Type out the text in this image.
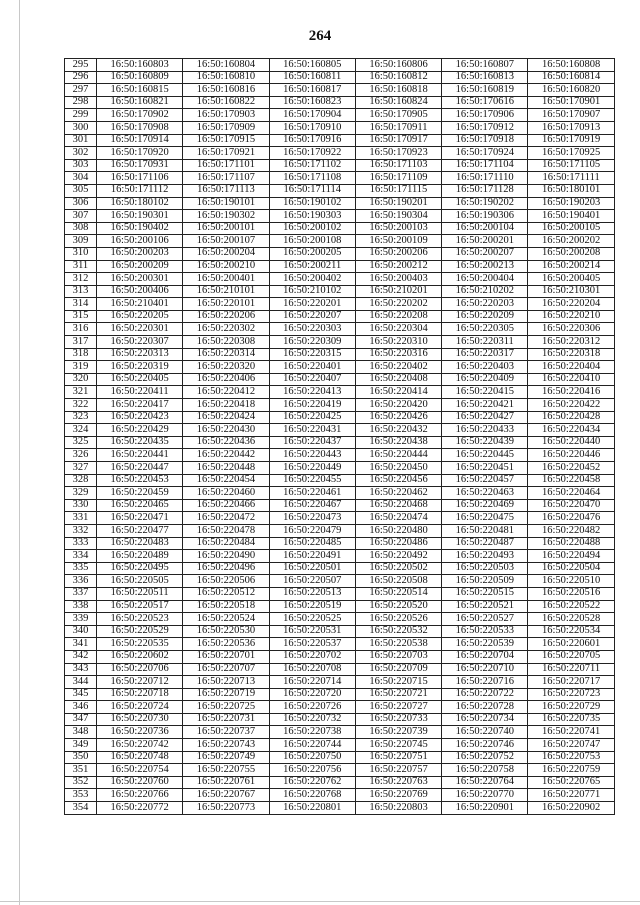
264
295	16:50:160803	16:50:160804	16:50:160805	16:50:160806	16:50:160807	16:50:160808
296	16:50:160809	16:50:160810	16:50:160811	16:50:160812	16:50:160813	16:50:160814
297	16:50:160815	16:50:160816	16:50:160817	16:50:160818	16:50:160819	16:50:160820
298	16:50:160821	16:50:160822	16:50:160823	16:50:160824	16:50:170616	16:50:170901
299	16:50:170902	16:50:170903	16:50:170904	16:50:170905	16:50:170906	16:50:170907
300	16:50:170908	16:50:170909	16:50:170910	16:50:170911	16:50:170912	16:50:170913
301	16:50:170914	16:50:170915	16:50:170916	16:50:170917	16:50:170918	16:50:170919
302	16:50:170920	16:50:170921	16:50:170922	16:50:170923	16:50:170924	16:50:170925
303	16:50:170931	16:50:171101	16:50:171102	16:50:171103	16:50:171104	16:50:171105
304	16:50:171106	16:50:171107	16:50:171108	16:50:171109	16:50:171110	16:50:171111
305	16:50:171112	16:50:171113	16:50:171114	16:50:171115	16:50:171128	16:50:180101
306	16:50:180102	16:50:190101	16:50:190102	16:50:190201	16:50:190202	16:50:190203
307	16:50:190301	16:50:190302	16:50:190303	16:50:190304	16:50:190306	16:50:190401
308	16:50:190402	16:50:200101	16:50:200102	16:50:200103	16:50:200104	16:50:200105
309	16:50:200106	16:50:200107	16:50:200108	16:50:200109	16:50:200201	16:50:200202
310	16:50:200203	16:50:200204	16:50:200205	16:50:200206	16:50:200207	16:50:200208
311	16:50:200209	16:50:200210	16:50:200211	16:50:200212	16:50:200213	16:50:200214
312	16:50:200301	16:50:200401	16:50:200402	16:50:200403	16:50:200404	16:50:200405
313	16:50:200406	16:50:210101	16:50:210102	16:50:210201	16:50:210202	16:50:210301
314	16:50:210401	16:50:220101	16:50:220201	16:50:220202	16:50:220203	16:50:220204
315	16:50:220205	16:50:220206	16:50:220207	16:50:220208	16:50:220209	16:50:220210
316	16:50:220301	16:50:220302	16:50:220303	16:50:220304	16:50:220305	16:50:220306
317	16:50:220307	16:50:220308	16:50:220309	16:50:220310	16:50:220311	16:50:220312
318	16:50:220313	16:50:220314	16:50:220315	16:50:220316	16:50:220317	16:50:220318
319	16:50:220319	16:50:220320	16:50:220401	16:50:220402	16:50:220403	16:50:220404
320	16:50:220405	16:50:220406	16:50:220407	16:50:220408	16:50:220409	16:50:220410
321	16:50:220411	16:50:220412	16:50:220413	16:50:220414	16:50:220415	16:50:220416
322	16:50:220417	16:50:220418	16:50:220419	16:50:220420	16:50:220421	16:50:220422
323	16:50:220423	16:50:220424	16:50:220425	16:50:220426	16:50:220427	16:50:220428
324	16:50:220429	16:50:220430	16:50:220431	16:50:220432	16:50:220433	16:50:220434
325	16:50:220435	16:50:220436	16:50:220437	16:50:220438	16:50:220439	16:50:220440
326	16:50:220441	16:50:220442	16:50:220443	16:50:220444	16:50:220445	16:50:220446
327	16:50:220447	16:50:220448	16:50:220449	16:50:220450	16:50:220451	16:50:220452
328	16:50:220453	16:50:220454	16:50:220455	16:50:220456	16:50:220457	16:50:220458
329	16:50:220459	16:50:220460	16:50:220461	16:50:220462	16:50:220463	16:50:220464
330	16:50:220465	16:50:220466	16:50:220467	16:50:220468	16:50:220469	16:50:220470
331	16:50:220471	16:50:220472	16:50:220473	16:50:220474	16:50:220475	16:50:220476
332	16:50:220477	16:50:220478	16:50:220479	16:50:220480	16:50:220481	16:50:220482
333	16:50:220483	16:50:220484	16:50:220485	16:50:220486	16:50:220487	16:50:220488
334	16:50:220489	16:50:220490	16:50:220491	16:50:220492	16:50:220493	16:50:220494
335	16:50:220495	16:50:220496	16:50:220501	16:50:220502	16:50:220503	16:50:220504
336	16:50:220505	16:50:220506	16:50:220507	16:50:220508	16:50:220509	16:50:220510
337	16:50:220511	16:50:220512	16:50:220513	16:50:220514	16:50:220515	16:50:220516
338	16:50:220517	16:50:220518	16:50:220519	16:50:220520	16:50:220521	16:50:220522
339	16:50:220523	16:50:220524	16:50:220525	16:50:220526	16:50:220527	16:50:220528
340	16:50:220529	16:50:220530	16:50:220531	16:50:220532	16:50:220533	16:50:220534
341	16:50:220535	16:50:220536	16:50:220537	16:50:220538	16:50:220539	16:50:220601
342	16:50:220602	16:50:220701	16:50:220702	16:50:220703	16:50:220704	16:50:220705
343	16:50:220706	16:50:220707	16:50:220708	16:50:220709	16:50:220710	16:50:220711
344	16:50:220712	16:50:220713	16:50:220714	16:50:220715	16:50:220716	16:50:220717
345	16:50:220718	16:50:220719	16:50:220720	16:50:220721	16:50:220722	16:50:220723
346	16:50:220724	16:50:220725	16:50:220726	16:50:220727	16:50:220728	16:50:220729
347	16:50:220730	16:50:220731	16:50:220732	16:50:220733	16:50:220734	16:50:220735
348	16:50:220736	16:50:220737	16:50:220738	16:50:220739	16:50:220740	16:50:220741
349	16:50:220742	16:50:220743	16:50:220744	16:50:220745	16:50:220746	16:50:220747
350	16:50:220748	16:50:220749	16:50:220750	16:50:220751	16:50:220752	16:50:220753
351	16:50:220754	16:50:220755	16:50:220756	16:50:220757	16:50:220758	16:50:220759
352	16:50:220760	16:50:220761	16:50:220762	16:50:220763	16:50:220764	16:50:220765
353	16:50:220766	16:50:220767	16:50:220768	16:50:220769	16:50:220770	16:50:220771
354	16:50:220772	16:50:220773	16:50:220801	16:50:220803	16:50:220901	16:50:220902
